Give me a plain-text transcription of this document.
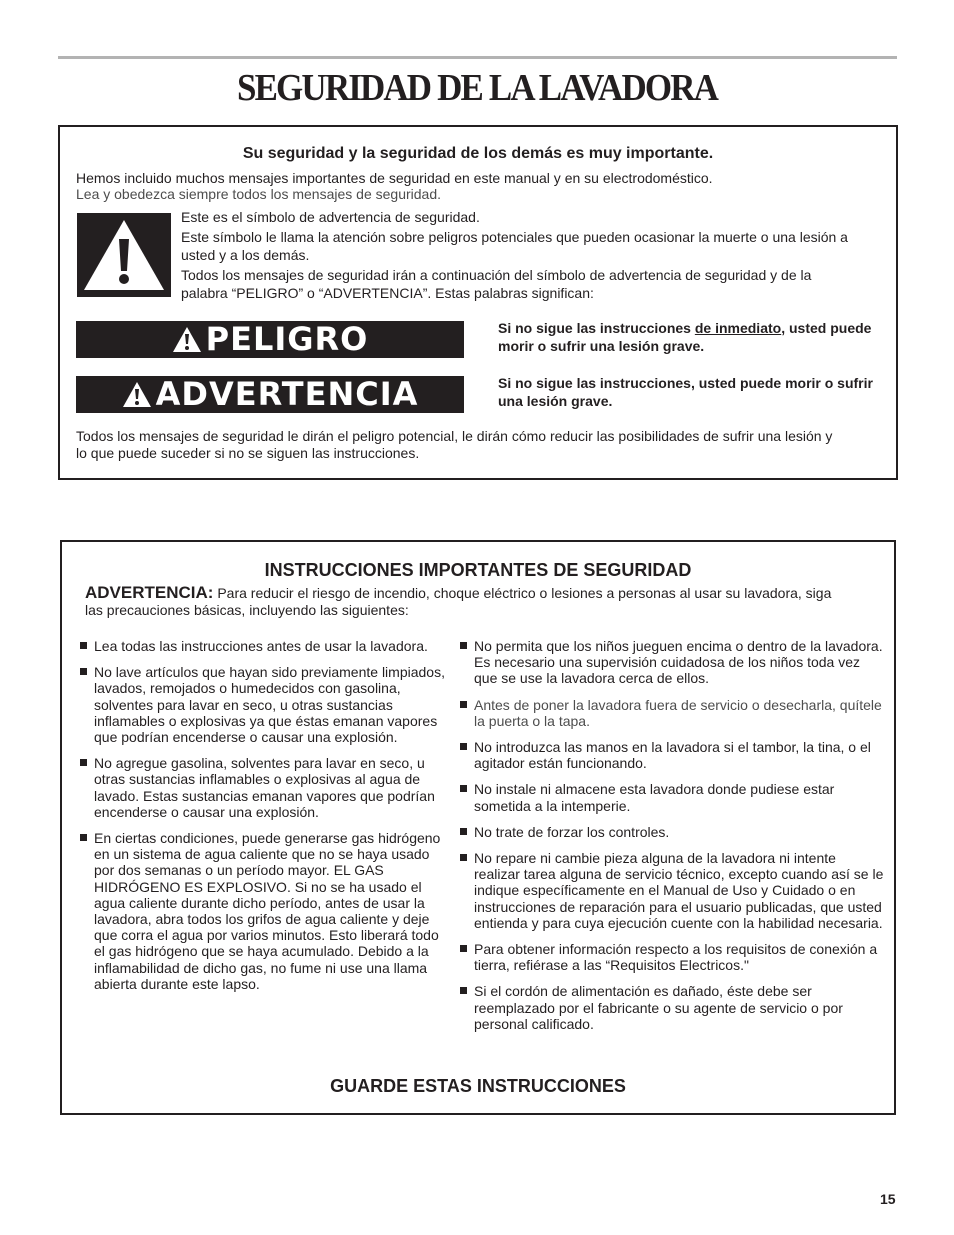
SEGURIDAD DE LA LAVADORA

Su seguridad y la seguridad de los demás es muy importante.

Hemos incluido muchos mensajes importantes de seguridad en este manual y en su electrodoméstico.

Lea y obedezca siempre todos los mensajes de seguridad.

Este es el símbolo de advertencia de seguridad.

Este símbolo le llama la atención sobre peligros potenciales que pueden ocasionar la muerte o una lesión a usted y a los demás.

Todos los mensajes de seguridad irán a continuación del símbolo de advertencia de seguridad y de la palabra “PELIGRO” o “ADVERTENCIA”. Estas palabras significan:

PELIGRO	Si no sigue las instrucciones de inmediato, usted puede morir o sufrir una lesión grave.

ADVERTENCIA	Si no sigue las instrucciones, usted puede morir o sufrir una lesión grave.

Todos los mensajes de seguridad le dirán el peligro potencial, le dirán cómo reducir las posibilidades de sufrir una lesión y lo que puede suceder si no se siguen las instrucciones.

INSTRUCCIONES IMPORTANTES DE SEGURIDAD

ADVERTENCIA: Para reducir el riesgo de incendio, choque eléctrico o lesiones a personas al usar su lavadora, siga las precauciones básicas, incluyendo las siguientes:

Lea todas las instrucciones antes de usar la lavadora.
No lave artículos que hayan sido previamente limpiados, lavados, remojados o humedecidos con gasolina, solventes para lavar en seco, u otras sustancias inflamables o explosivas ya que éstas emanan vapores que podrían encenderse o causar una explosión.
No agregue gasolina, solventes para lavar en seco, u otras sustancias inflamables o explosivas al agua de lavado. Estas sustancias emanan vapores que podrían encenderse o causar una explosión.
En ciertas condiciones, puede generarse gas hidrógeno en un sistema de agua caliente que no se haya usado por dos semanas o un período mayor. EL GAS HIDRÓGENO ES EXPLOSIVO. Si no se ha usado el agua caliente durante dicho período, antes de usar la lavadora, abra todos los grifos de agua caliente y deje que corra el agua por varios minutos. Esto liberará todo el gas hidrógeno que se haya acumulado. Debido a la inflamabilidad de dicho gas, no fume ni use una llama abierta durante este lapso.
No permita que los niños jueguen encima o dentro de la lavadora. Es necesario una supervisión cuidadosa de los niños toda vez que se use la lavadora cerca de ellos.
Antes de poner la lavadora fuera de servicio o desecharla, quítele la puerta o la tapa.
No introduzca las manos en la lavadora si el tambor, la tina, o el agitador están funcionando.
No instale ni almacene esta lavadora donde pudiese estar sometida a la intemperie.
No trate de forzar los controles.
No repare ni cambie pieza alguna de la lavadora ni intente realizar tarea alguna de servicio técnico, excepto cuando así se le indique específicamente en el Manual de Uso y Cuidado o en instrucciones de reparación para el usuario publicadas, que usted entienda y para cuya ejecución cuente con la habilidad necesaria.
Para obtener información respecto a los requisitos de conexión a tierra, refiérase a las “Requisitos Electricos."
Si el cordón de alimentación es dañado, éste debe ser reemplazado por el fabricante o su agente de servicio o por personal calificado.

GUARDE ESTAS INSTRUCCIONES

15
